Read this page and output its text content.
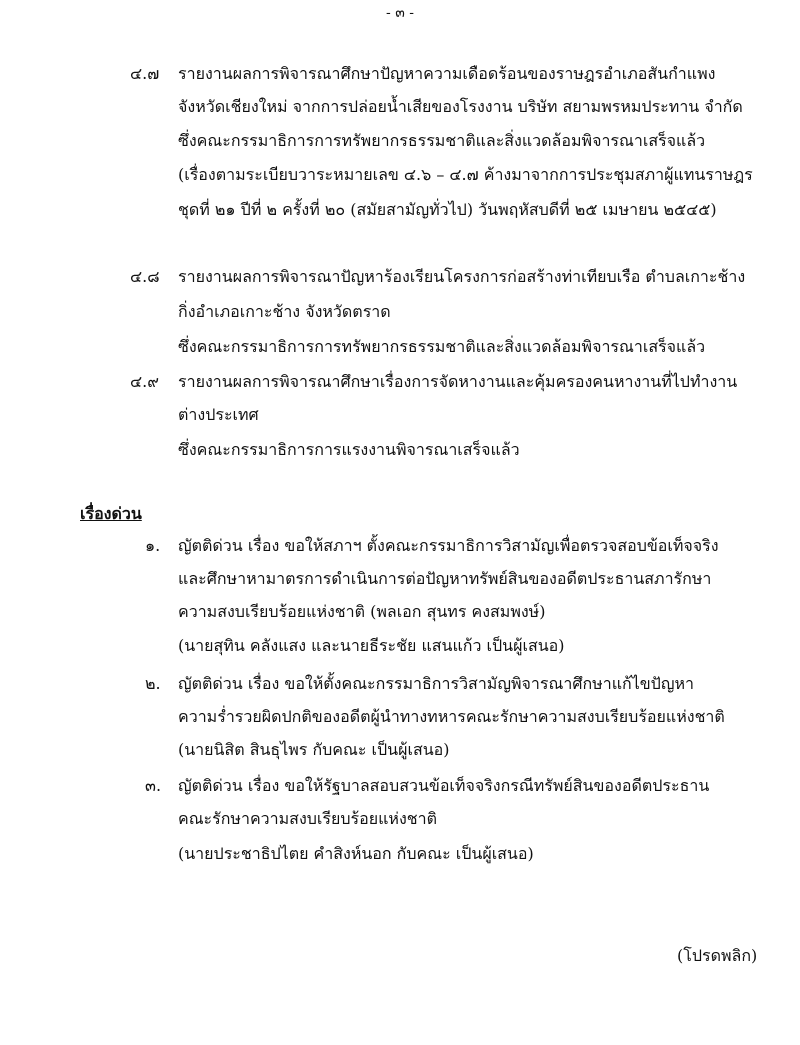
- ๓ -
๔.๗ รายงานผลการพิจารณาศึกษาปัญหาความเดือดร้อนของราษฎรอำเภอสันกำแพง
จังหวัดเชียงใหม่ จากการปล่อยน้ำเสียของโรงงาน บริษัท สยามพรหมประทาน จำกัด
ซึ่งคณะกรรมาธิการการทรัพยากรธรรมชาติและสิ่งแวดล้อมพิจารณาเสร็จแล้ว
(เรื่องตามระเบียบวาระหมายเลข ๔.๖ – ๔.๗ ค้างมาจากการประชุมสภาผู้แทนราษฎร
ชุดที่ ๒๑ ปีที่ ๒ ครั้งที่ ๒๐ (สมัยสามัญทั่วไป) วันพฤหัสบดีที่ ๒๕ เมษายน ๒๕๔๕)
๔.๘ รายงานผลการพิจารณาปัญหาร้องเรียนโครงการก่อสร้างท่าเทียบเรือ ตำบลเกาะช้าง
กิ่งอำเภอเกาะช้าง จังหวัดตราด
ซึ่งคณะกรรมาธิการการทรัพยากรธรรมชาติและสิ่งแวดล้อมพิจารณาเสร็จแล้ว
๔.๙ รายงานผลการพิจารณาศึกษาเรื่องการจัดหางานและคุ้มครองคนหางานที่ไปทำงาน
ต่างประเทศ
ซึ่งคณะกรรมาธิการการแรงงานพิจารณาเสร็จแล้ว
เรื่องด่วน
๑. ญัตติด่วน เรื่อง ขอให้สภาฯ ตั้งคณะกรรมาธิการวิสามัญเพื่อตรวจสอบข้อเท็จจริง
และศึกษาหามาตรการดำเนินการต่อปัญหาทรัพย์สินของอดีตประธานสภารักษา
ความสงบเรียบร้อยแห่งชาติ (พลเอก สุนทร คงสมพงษ์)
(นายสุทิน คลังแสง และนายธีระชัย แสนแก้ว เป็นผู้เสนอ)
๒. ญัตติด่วน เรื่อง ขอให้ตั้งคณะกรรมาธิการวิสามัญพิจารณาศึกษาแก้ไขปัญหา
ความร่ำรวยผิดปกติของอดีตผู้นำทางทหารคณะรักษาความสงบเรียบร้อยแห่งชาติ
(นายนิสิต สินธุไพร กับคณะ เป็นผู้เสนอ)
๓. ญัตติด่วน เรื่อง ขอให้รัฐบาลสอบสวนข้อเท็จจริงกรณีทรัพย์สินของอดีตประธาน
คณะรักษาความสงบเรียบร้อยแห่งชาติ
(นายประชาธิปไตย คำสิงห์นอก กับคณะ เป็นผู้เสนอ)
(โปรดพลิก)
